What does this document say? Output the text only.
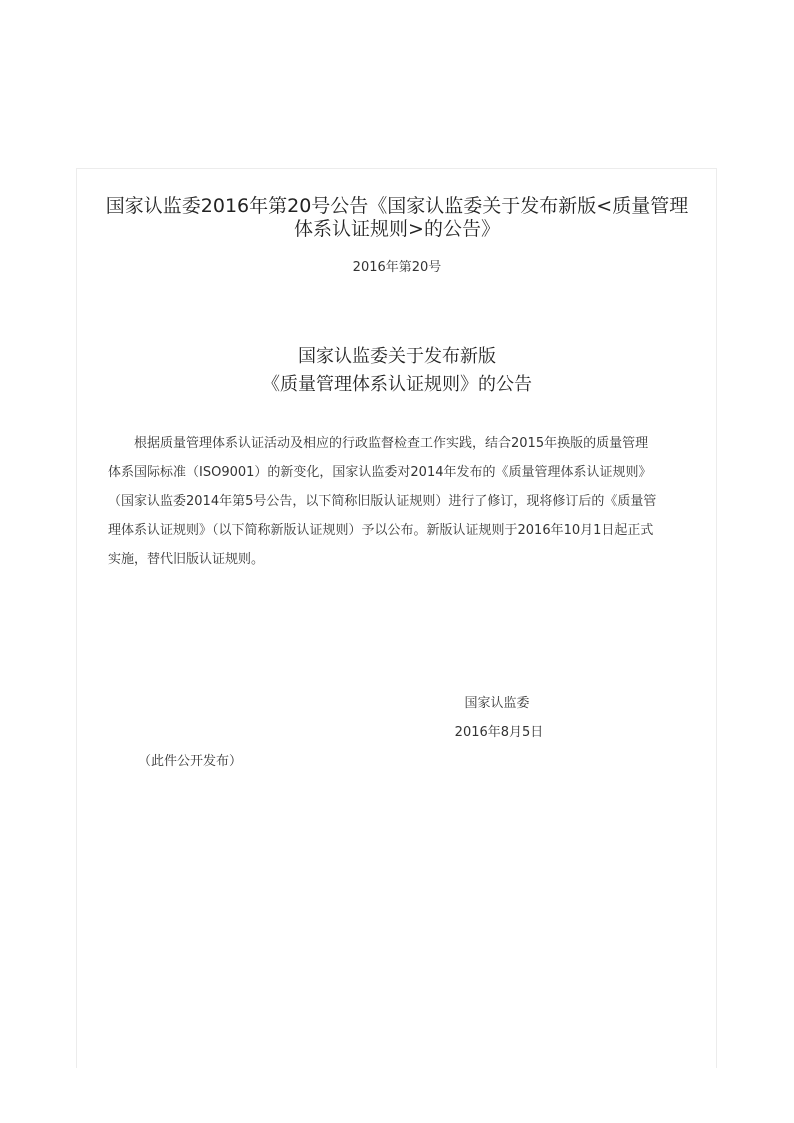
国家认监委2016年第20号公告《国家认监委关于发布新版<质量管理
体系认证规则>的公告》
2016年第20号
国家认监委关于发布新版
《质量管理体系认证规则》的公告

根据质量管理体系认证活动及相应的行政监督检查工作实践，结合2015年换版的质量管理
体系国际标准（ISO9001）的新变化，国家认监委对2014年发布的《质量管理体系认证规则》
（国家认监委2014年第5号公告，以下简称旧版认证规则）进行了修订，现将修订后的《质量管
理体系认证规则》（以下简称新版认证规则）予以公布。新版认证规则于2016年10月1日起正式
实施，替代旧版认证规则。

国家认监委
2016年8月5日
（此件公开发布）
